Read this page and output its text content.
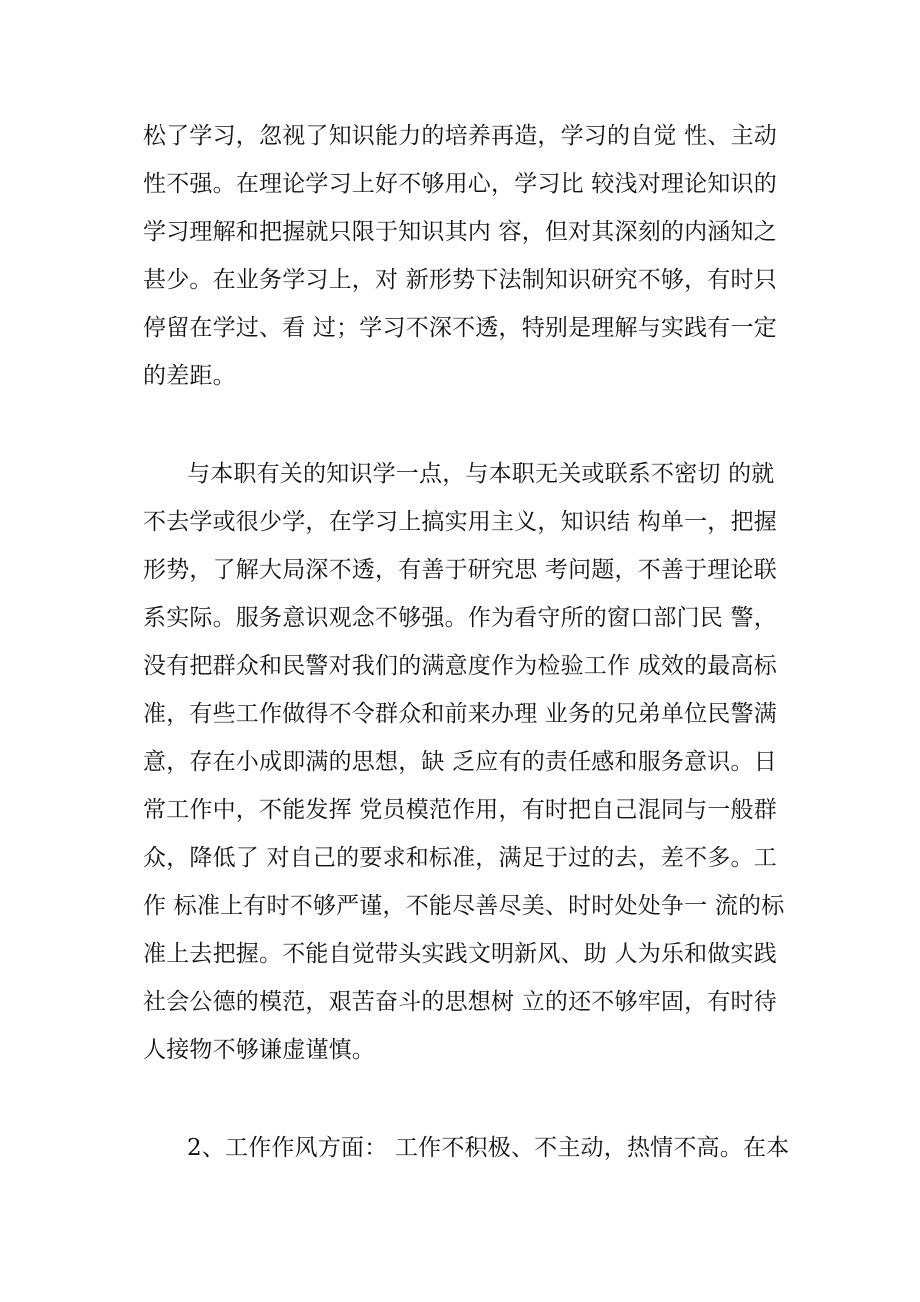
松了学习，忽视了知识能力的培养再造，学习的自觉 性、主动
性不强。在理论学习上好不够用心，学习比 较浅对理论知识的
学习理解和把握就只限于知识其内 容，但对其深刻的内涵知之
甚少。在业务学习上，对 新形势下法制知识研究不够，有时只
停留在学过、看 过；学习不深不透，特别是理解与实践有一定
的差距。
与本职有关的知识学一点，与本职无关或联系不密切 的就
不去学或很少学，在学习上搞实用主义，知识结 构单一，把握
形势，了解大局深不透，有善于研究思 考问题，不善于理论联
系实际。服务意识观念不够强。作为看守所的窗口部门民 警，
没有把群众和民警对我们的满意度作为检验工作 成效的最高标
准，有些工作做得不令群众和前来办理 业务的兄弟单位民警满
意，存在小成即满的思想，缺 乏应有的责任感和服务意识。日
常工作中，不能发挥 党员模范作用，有时把自己混同与一般群
众，降低了 对自己的要求和标准，满足于过的去，差不多。工
作 标准上有时不够严谨，不能尽善尽美、时时处处争一 流的标
准上去把握。不能自觉带头实践文明新风、助 人为乐和做实践
社会公德的模范，艰苦奋斗的思想树 立的还不够牢固，有时待
人接物不够谦虚谨慎。
2、工作作风方面： 工作不积极、不主动，热情不高。在本
